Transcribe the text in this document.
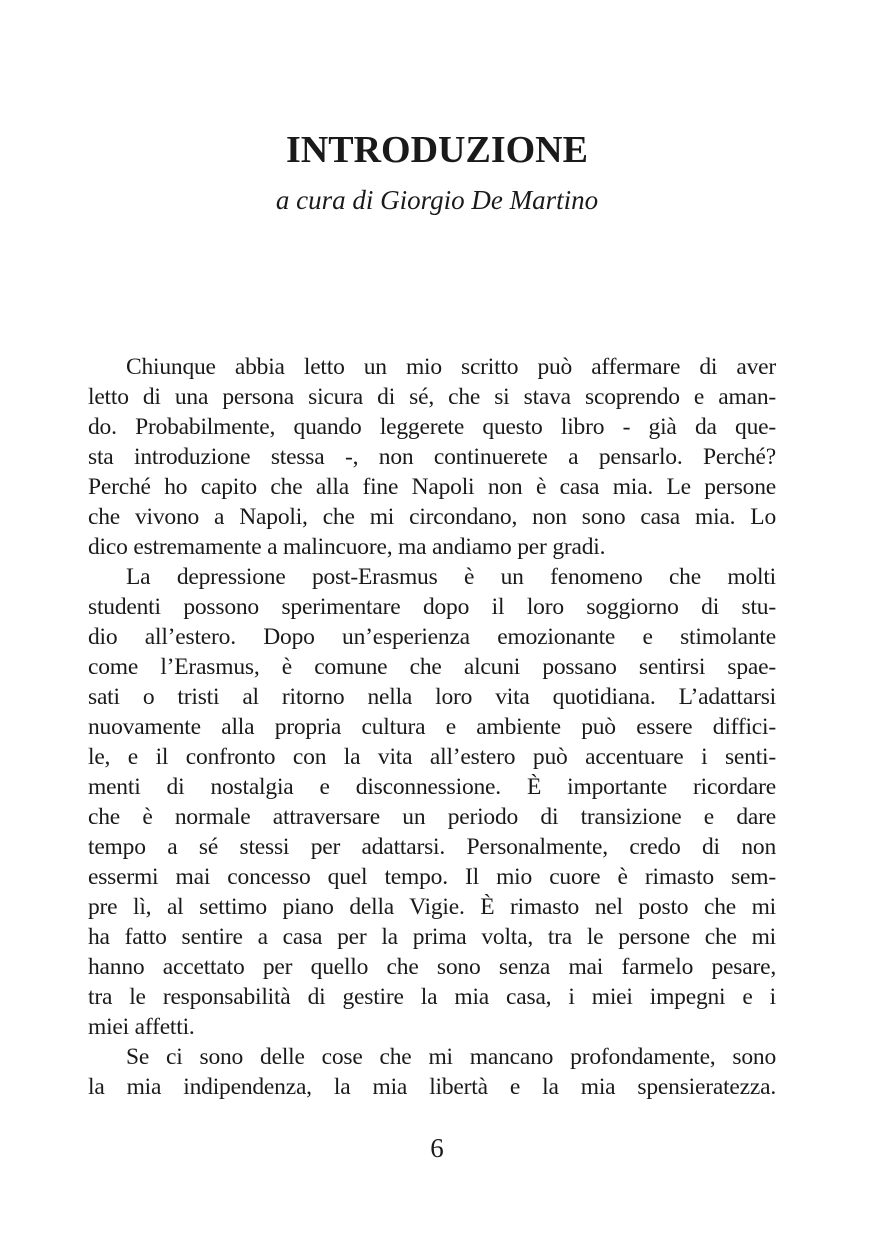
INTRODUZIONE
a cura di Giorgio De Martino
Chiunque abbia letto un mio scritto può affermare di aver
letto di una persona sicura di sé, che si stava scoprendo e aman-
do. Probabilmente, quando leggerete questo libro - già da que-
sta introduzione stessa -, non continuerete a pensarlo. Perché?
Perché ho capito che alla fine Napoli non è casa mia. Le persone
che vivono a Napoli, che mi circondano, non sono casa mia. Lo
dico estremamente a malincuore, ma andiamo per gradi.
La depressione post-Erasmus è un fenomeno che molti
studenti possono sperimentare dopo il loro soggiorno di stu-
dio all’estero. Dopo un’esperienza emozionante e stimolante
come l’Erasmus, è comune che alcuni possano sentirsi spae-
sati o tristi al ritorno nella loro vita quotidiana. L’adattarsi
nuovamente alla propria cultura e ambiente può essere diffici-
le, e il confronto con la vita all’estero può accentuare i senti-
menti di nostalgia e disconnessione. È importante ricordare
che è normale attraversare un periodo di transizione e dare
tempo a sé stessi per adattarsi. Personalmente, credo di non
essermi mai concesso quel tempo. Il mio cuore è rimasto sem-
pre lì, al settimo piano della Vigie. È rimasto nel posto che mi
ha fatto sentire a casa per la prima volta, tra le persone che mi
hanno accettato per quello che sono senza mai farmelo pesare,
tra le responsabilità di gestire la mia casa, i miei impegni e i
miei affetti.
Se ci sono delle cose che mi mancano profondamente, sono
la mia indipendenza, la mia libertà e la mia spensieratezza.
6
